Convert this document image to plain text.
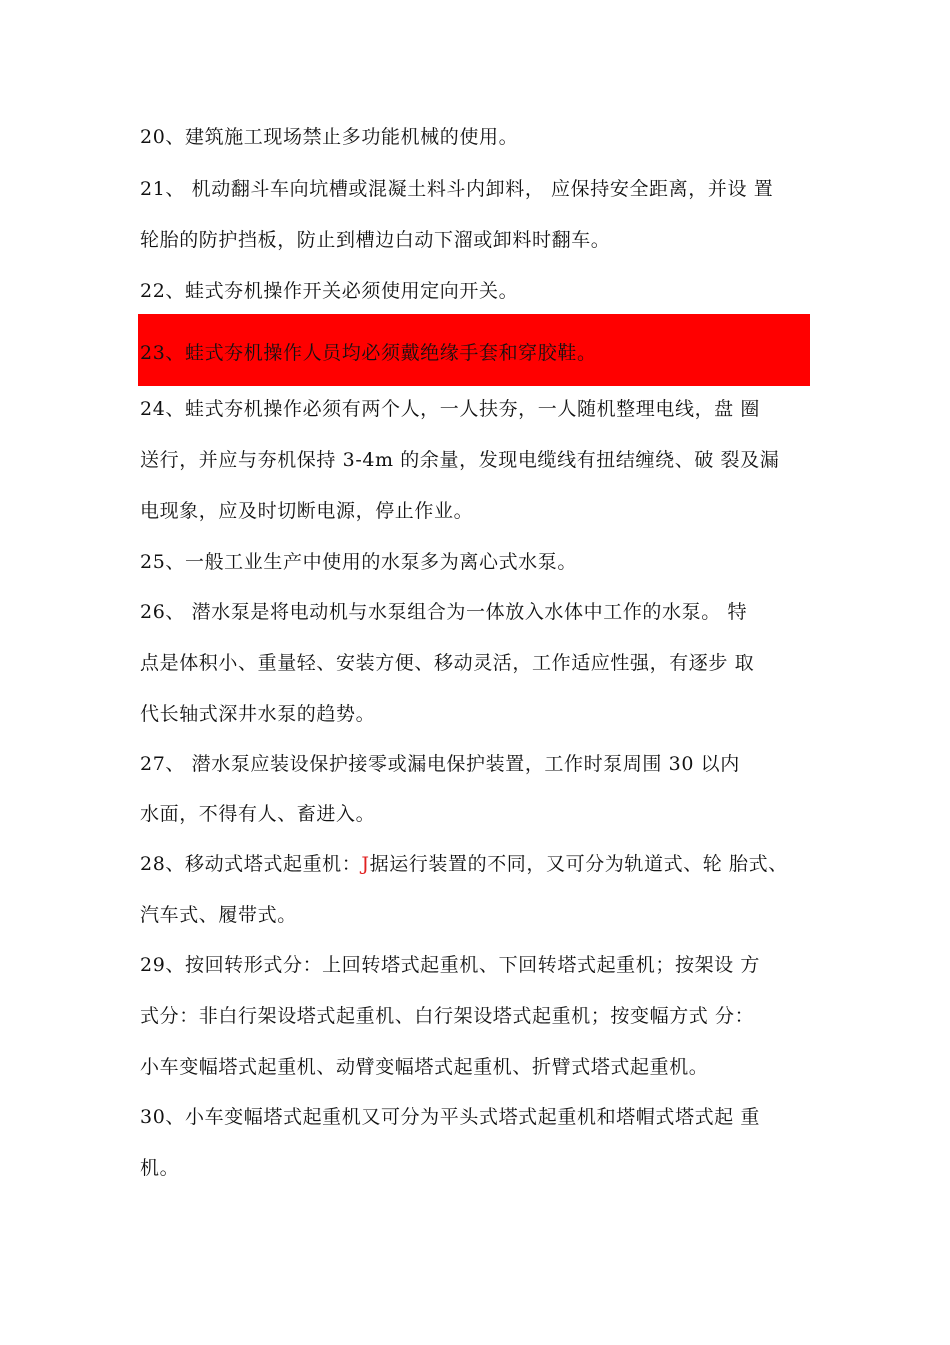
20、建筑施工现场禁止多功能机械的使用。
21、 机动翻斗车向坑槽或混凝土料斗内卸料， 应保持安全距离，并设 置
轮胎的防护挡板，防止到槽边白动下溜或卸料时翻车。
22、蛙式夯机操作开关必须使用定向开关。
23、蛙式夯机操作人员均必须戴绝缘手套和穿胶鞋。
24、蛙式夯机操作必须有两个人，一人扶夯，一人随机整理电线，盘 圈
送行，并应与夯机保持 3-4m 的余量，发现电缆线有扭结缠绕、破 裂及漏
电现象，应及时切断电源，停止作业。
25、一般工业生产中使用的水泵多为离心式水泵。
26、 潜水泵是将电动机与水泵组合为一体放入水体中工作的水泵。 特
点是体积小、重量轻、安装方便、移动灵活，工作适应性强，有逐步 取
代长轴式深井水泵的趋势。
27、 潜水泵应装设保护接零或漏电保护装置，工作时泵周围 30 以内
水面，不得有人、畜进入。
28、移动式塔式起重机：J据运行装置的不同，又可分为轨道式、轮 胎式、
汽车式、履带式。
29、按回转形式分：上回转塔式起重机、下回转塔式起重机；按架设 方
式分：非白行架设塔式起重机、白行架设塔式起重机；按变幅方式 分：
小车变幅塔式起重机、动臂变幅塔式起重机、折臂式塔式起重机。
30、小车变幅塔式起重机又可分为平头式塔式起重机和塔帽式塔式起 重
机。
